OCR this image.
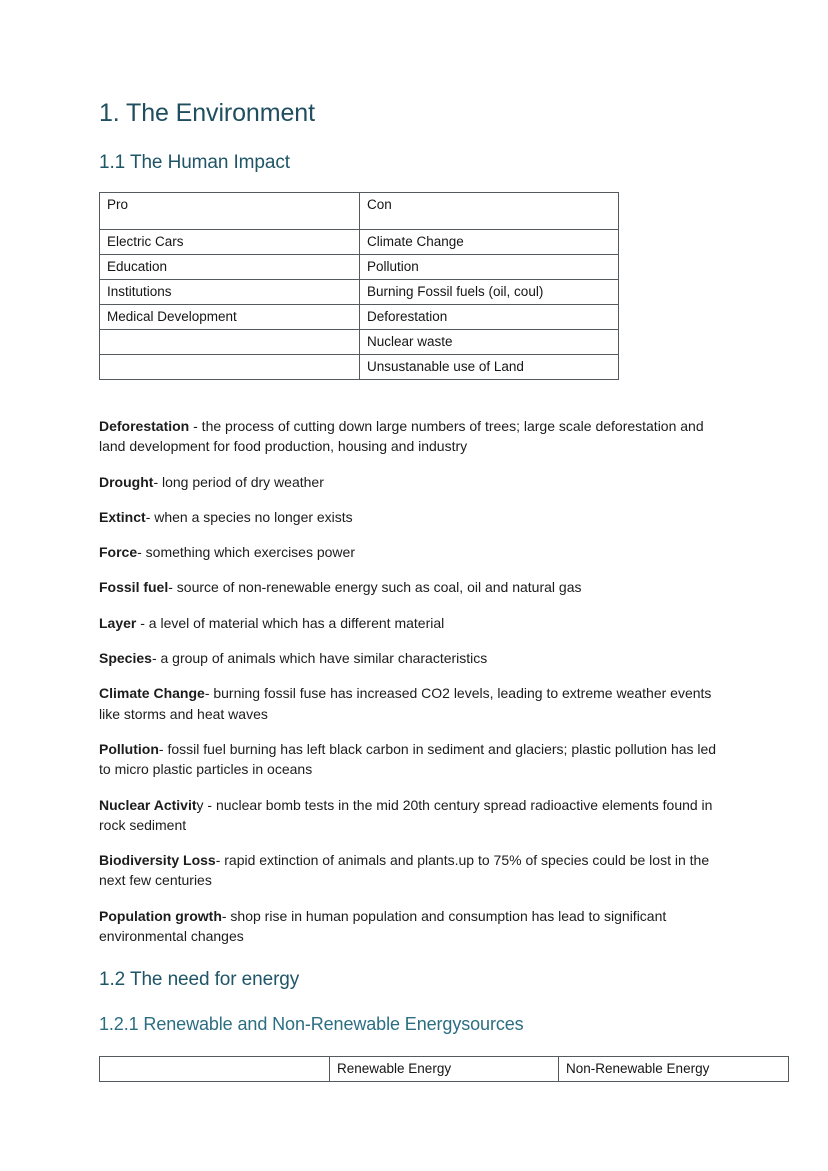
1. The Environment
1.1 The Human Impact
Pro	Con
Electric Cars	Climate Change
Education	Pollution
Institutions	Burning Fossil fuels (oil, coul)
Medical Development	Deforestation
	Nuclear waste
	Unsustanable use of Land

Deforestation - the process of cutting down large numbers of trees; large scale deforestation and land development for food production, housing and industry

Drought- long period of dry weather

Extinct- when a species no longer exists

Force- something which exercises power

Fossil fuel- source of non-renewable energy such as coal, oil and natural gas

Layer - a level of material which has a different material

Species- a group of animals which have similar characteristics

Climate Change- burning fossil fuse has increased CO2 levels, leading to extreme weather events like storms and heat waves

Pollution- fossil fuel burning has left black carbon in sediment and glaciers; plastic pollution has led to micro plastic particles in oceans

Nuclear Activity - nuclear bomb tests in the mid 20th century spread radioactive elements found in rock sediment

Biodiversity Loss- rapid extinction of animals and plants.up to 75% of species could be lost in the next few centuries

Population growth- shop rise in human population and consumption has lead to significant environmental changes

1.2 The need for energy
1.2.1 Renewable and Non-Renewable Energysources
	Renewable Energy	Non-Renewable Energy
